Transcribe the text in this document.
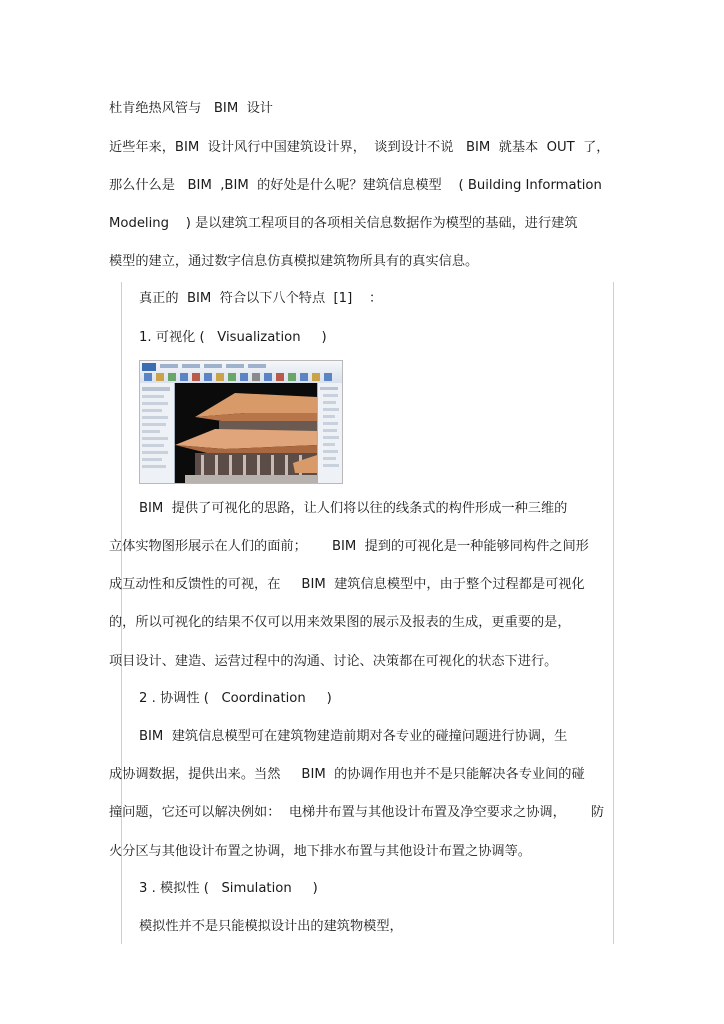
杜肯绝热风管与   BIM  设计

近些年来，BIM  设计风行中国建筑设计界，  谈到设计不说   BIM  就基本  OUT  了，

那么什么是   BIM  ,BIM  的好处是什么呢？建筑信息模型    ( Building Information

Modeling    ) 是以建筑工程项目的各项相关信息数据作为模型的基础，进行建筑

模型的建立，通过数字信息仿真模拟建筑物所具有的真实信息。

真正的  BIM  符合以下八个特点  [1]    ：

1. 可视化 (   Visualization     )

BIM  提供了可视化的思路，让人们将以往的线条式的构件形成一种三维的

立体实物图形展示在人们的面前；      BIM  提到的可视化是一种能够同构件之间形

成互动性和反馈性的可视，在     BIM  建筑信息模型中，由于整个过程都是可视化

的，所以可视化的结果不仅可以用来效果图的展示及报表的生成，更重要的是，

项目设计、建造、运营过程中的沟通、讨论、决策都在可视化的状态下进行。

2 . 协调性 (   Coordination     )

BIM  建筑信息模型可在建筑物建造前期对各专业的碰撞问题进行协调，生

成协调数据，提供出来。当然     BIM  的协调作用也并不是只能解决各专业间的碰

撞问题，它还可以解决例如：  电梯井布置与其他设计布置及净空要求之协调，      防

火分区与其他设计布置之协调，地下排水布置与其他设计布置之协调等。

3 . 模拟性 (   Simulation     )

模拟性并不是只能模拟设计出的建筑物模型，
